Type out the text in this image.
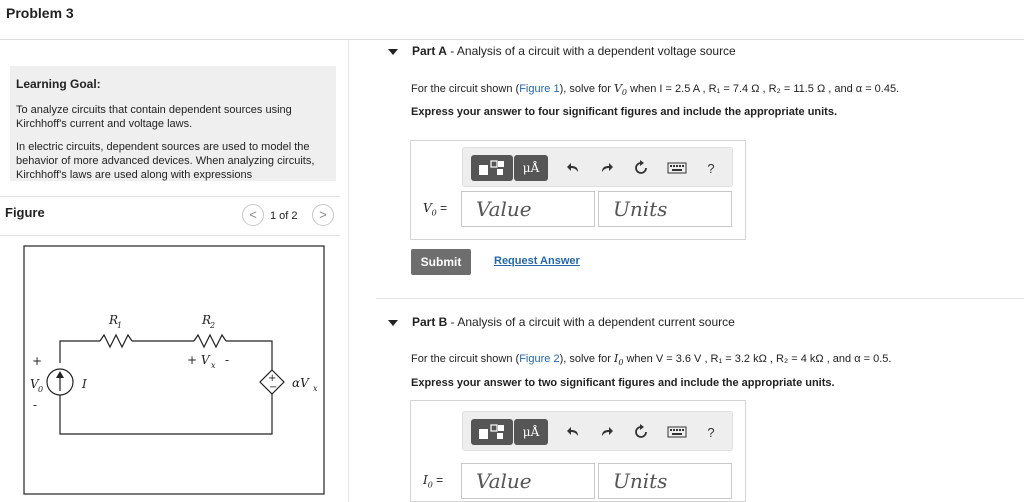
Problem 3
Learning Goal:

To analyze circuits that contain dependent sources using Kirchhoff's current and voltage laws.

In electric circuits, dependent sources are used to model the behavior of more advanced devices. When analyzing circuits, Kirchhoff's laws are used along with expressions

Figure	<	1 of 2	>
R
1	R
2
+ V x -
+
V 0
-
I	+
− αV x
Part A - Analysis of a circuit with a dependent voltage source
For the circuit shown (Figure 1), solve for $V_0$ when I = 2.5 A , R₁ = 7.4 Ω , R₂ = 11.5 Ω , and α = 0.45.
Express your answer to four significant figures and include the appropriate units.
μÅ	?
$V_0$ =	Value	Units
Submit	Request Answer
Part B - Analysis of a circuit with a dependent current source
For the circuit shown (Figure 2), solve for $I_0$ when V = 3.6 V , R₁ = 3.2 kΩ , R₂ = 4 kΩ , and α = 0.5.
Express your answer to two significant figures and include the appropriate units.
μÅ	?
$I_0$ =	Value	Units
